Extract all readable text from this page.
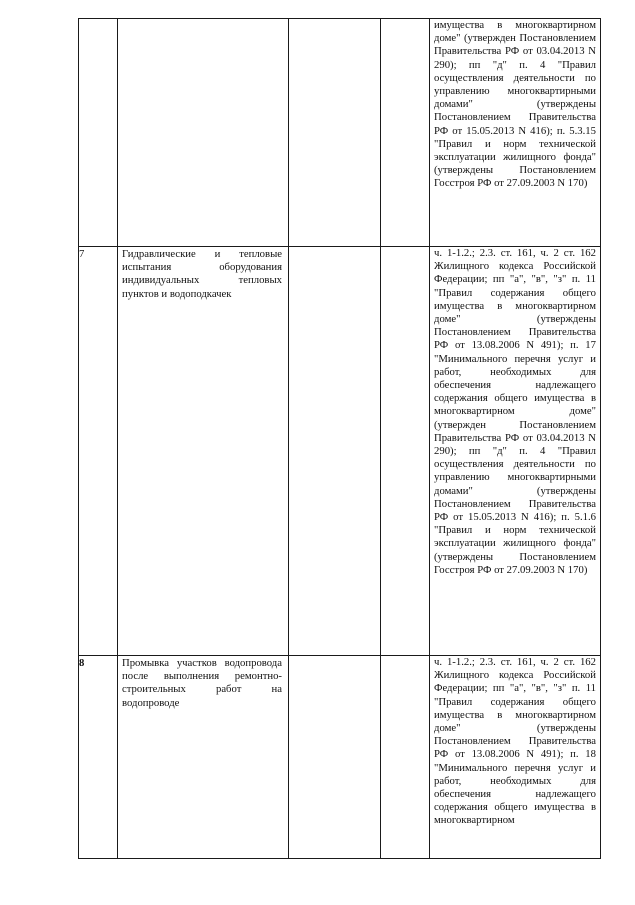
				имущества в многоквартирном доме" (утвержден Постановлением Правительства РФ от 03.04.2013 N 290); пп "д" п. 4 "Правил осуществления деятельности по управлению многоквартирными домами" (утверждены Постановлением Правительства РФ от 15.05.2013 N 416); п. 5.3.15 "Правил и норм технической эксплуатации жилищного фонда" (утверждены Постановлением Госстроя РФ от 27.09.2003 N 170)

7	Гидравлические и тепловые испытания оборудования индивидуальных тепловых пунктов и водоподкачек			ч. 1-1.2.; 2.3. ст. 161, ч. 2 ст. 162 Жилищного кодекса Российской Федерации; пп "а", "в", "з" п. 11 "Правил содержания общего имущества в многоквартирном доме" (утверждены Постановлением Правительства РФ от 13.08.2006 N 491); п. 17 "Минимального перечня услуг и работ, необходимых для обеспечения надлежащего содержания общего имущества в многоквартирном доме" (утвержден Постановлением Правительства РФ от 03.04.2013 N 290); пп "д" п. 4 "Правил осуществления деятельности по управлению многоквартирными домами" (утверждены Постановлением Правительства РФ от 15.05.2013 N 416); п. 5.1.6 "Правил и норм технической эксплуатации жилищного фонда" (утверждены Постановлением Госстроя РФ от 27.09.2003 N 170)

8	Промывка участков водопровода после выполнения ремонтно-строительных работ на водопроводе			ч. 1-1.2.; 2.3. ст. 161, ч. 2 ст. 162 Жилищного кодекса Российской Федерации; пп "а", "в", "з" п. 11 "Правил содержания общего имущества в многоквартирном доме" (утверждены Постановлением Правительства РФ от 13.08.2006 N 491); п. 18 "Минимального перечня услуг и работ, необходимых для обеспечения надлежащего содержания общего имущества в многоквартирном
